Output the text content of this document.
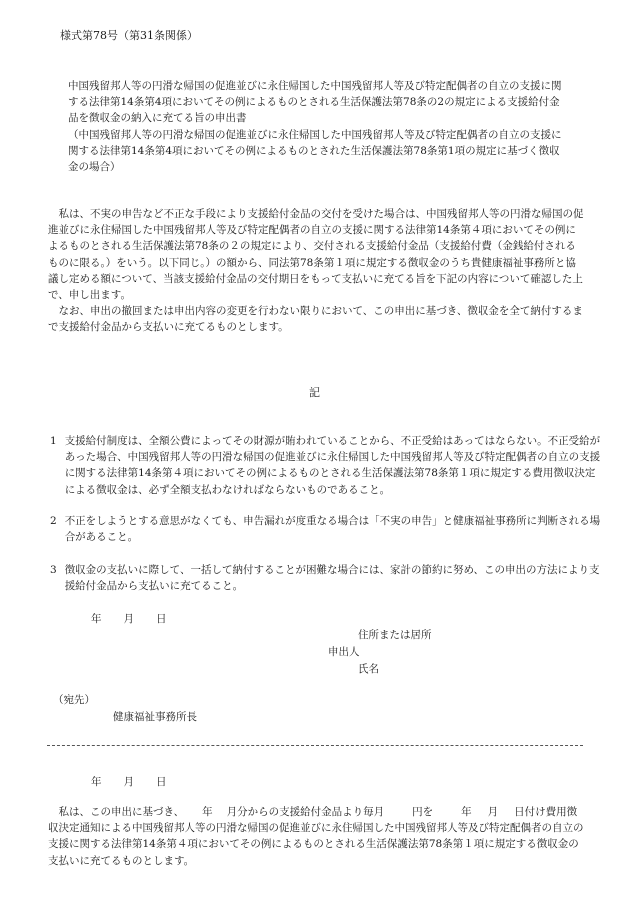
様式第78号（第31条関係）

中国残留邦人等の円滑な帰国の促進並びに永住帰国した中国残留邦人等及び特定配偶者の自立の支援に関する法律第14条第4項においてその例によるものとされる生活保護法第78条の2の規定による支援給付金品を徴収金の納入に充てる旨の申出書

（中国残留邦人等の円滑な帰国の促進並びに永住帰国した中国残留邦人等及び特定配偶者の自立の支援に関する法律第14条第4項においてその例によるものとされた生活保護法第78条第1項の規定に基づく徴収金の場合）

私は、不実の申告など不正な手段により支援給付金品の交付を受けた場合は、中国残留邦人等の円滑な帰国の促進並びに永住帰国した中国残留邦人等及び特定配偶者の自立の支援に関する法律第14条第４項においてその例によるものとされる生活保護法第78条の２の規定により、交付される支援給付金品（支援給付費（金銭給付されるものに限る。）をいう。以下同じ。）の額から、同法第78条第１項に規定する徴収金のうち貴健康福祉事務所と協議し定める額について、当該支援給付金品の交付期日をもって支払いに充てる旨を下記の内容について確認した上で、申し出ます。

なお、申出の撤回または申出内容の変更を行わない限りにおいて、この申出に基づき、徴収金を全て納付するまで支援給付金品から支払いに充てるものとします。

記

1 支援給付制度は、全額公費によってその財源が賄われていることから、不正受給はあってはならない。不正受給があった場合、中国残留邦人等の円滑な帰国の促進並びに永住帰国した中国残留邦人等及び特定配偶者の自立の支援に関する法律第14条第４項においてその例によるものとされる生活保護法第78条第１項に規定する費用徴収決定による徴収金は、必ず全額支払わなければならないものであること。

2 不正をしようとする意思がなくても、申告漏れが度重なる場合は「不実の申告」と健康福祉事務所に判断される場合があること。

3 徴収金の支払いに際して、一括して納付することが困難な場合には、家計の節約に努め、この申出の方法により支援給付金品から支払いに充てること。

年 月 日
住所または居所
申出人
氏名
（宛先）
健康福祉事務所長
年 月 日

私は、この申出に基づき、 年 月分からの支援給付金品より毎月	円を	年 月 日付け費用徴収決定通知による中国残留邦人等の円滑な帰国の促進並びに永住帰国した中国残留邦人等及び特定配偶者の自立の支援に関する法律第14条第４項においてその例によるものとされる生活保護法第78条第１項に規定する徴収金の支払いに充てるものとします。
